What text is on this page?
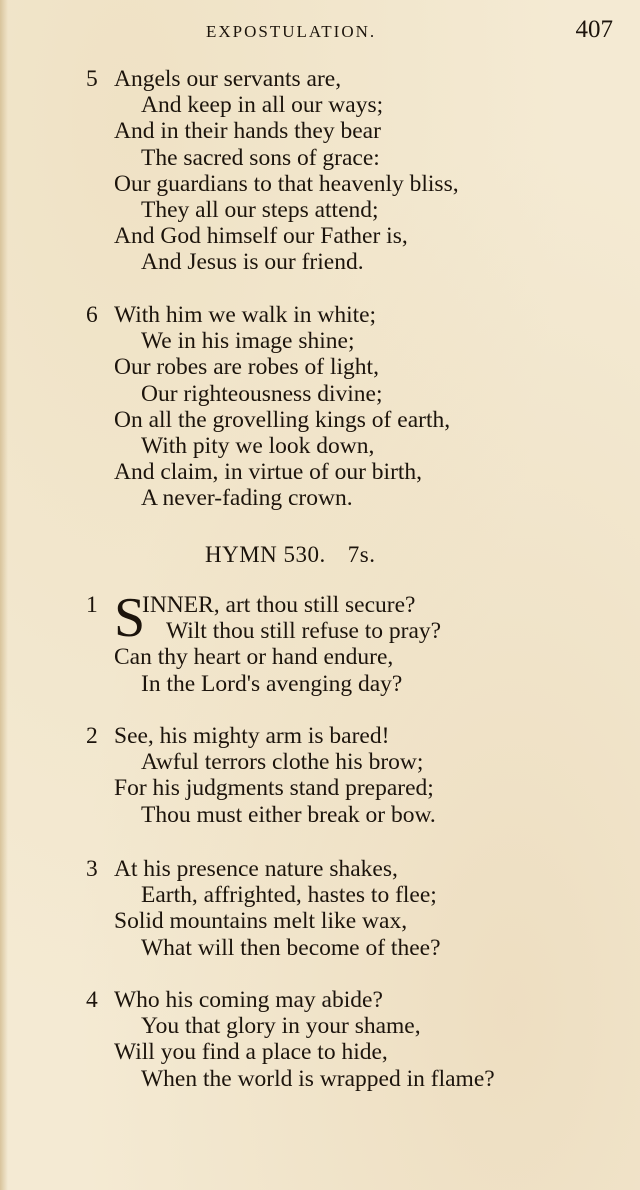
EXPOSTULATION.	407
5 Angels our servants are,
And keep in all our ways;
And in their hands they bear
The sacred sons of grace:
Our guardians to that heavenly bliss,
They all our steps attend;
And God himself our Father is,
And Jesus is our friend.
6 With him we walk in white;
We in his image shine;
Our robes are robes of light,
Our righteousness divine;
On all the grovelling kings of earth,
With pity we look down,
And claim, in virtue of our birth,
A never-fading crown.
HYMN 530. 7s.
S
1	INNER, art thou still secure?
Wilt thou still refuse to pray?
Can thy heart or hand endure,
In the Lord's avenging day?
2 See, his mighty arm is bared!
Awful terrors clothe his brow;
For his judgments stand prepared;
Thou must either break or bow.
3 At his presence nature shakes,
Earth, affrighted, hastes to flee;
Solid mountains melt like wax,
What will then become of thee?
4 Who his coming may abide?
You that glory in your shame,
Will you find a place to hide,
When the world is wrapped in flame?
